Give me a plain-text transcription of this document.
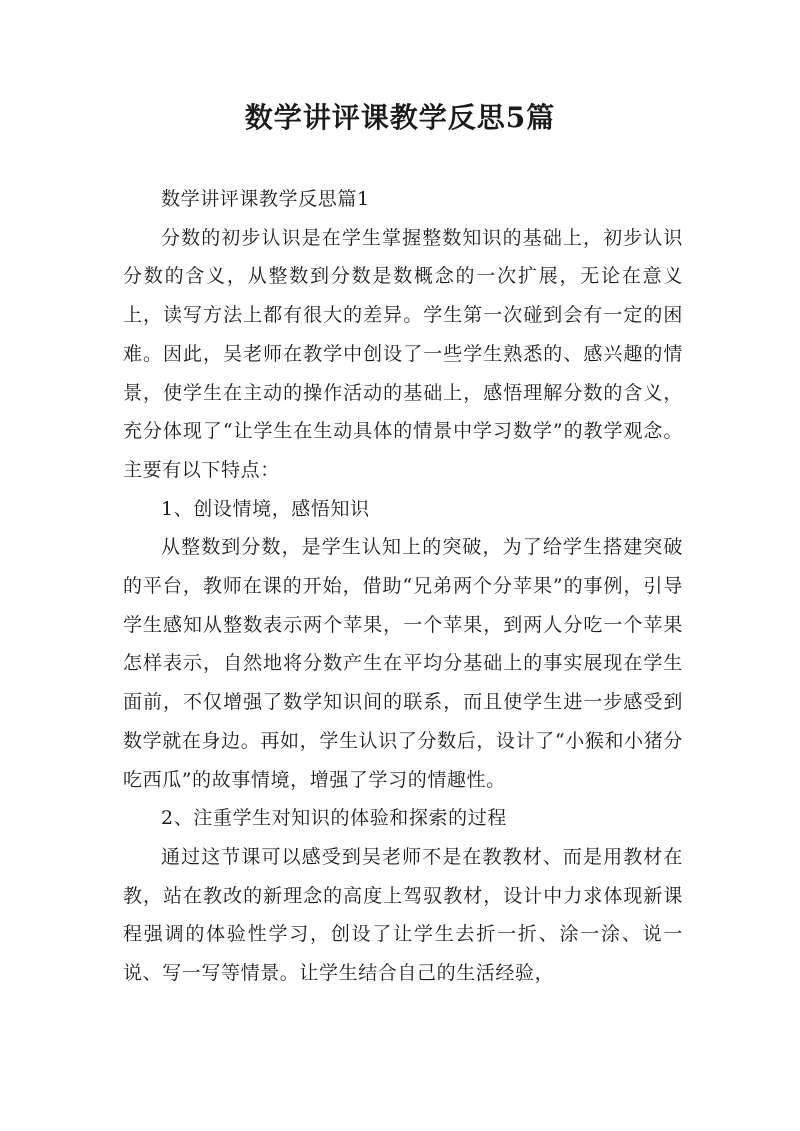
数学讲评课教学反思5篇

数学讲评课教学反思篇1

分数的初步认识是在学生掌握整数知识的基础上，初步认识分数的含义，从整数到分数是数概念的一次扩展，无论在意义上，读写方法上都有很大的差异。学生第一次碰到会有一定的困难。因此，吴老师在教学中创设了一些学生熟悉的、感兴趣的情景，使学生在主动的操作活动的基础上，感悟理解分数的含义，充分体现了“让学生在生动具体的情景中学习数学”的教学观念。主要有以下特点：

1、创设情境，感悟知识

从整数到分数，是学生认知上的突破，为了给学生搭建突破的平台，教师在课的开始，借助“兄弟两个分苹果”的事例，引导学生感知从整数表示两个苹果，一个苹果，到两人分吃一个苹果怎样表示，自然地将分数产生在平均分基础上的事实展现在学生面前，不仅增强了数学知识间的联系，而且使学生进一步感受到数学就在身边。再如，学生认识了分数后，设计了“小猴和小猪分吃西瓜”的故事情境，增强了学习的情趣性。

2、注重学生对知识的体验和探索的过程

通过这节课可以感受到吴老师不是在教教材、而是用教材在教，站在教改的新理念的高度上驾驭教材，设计中力求体现新课程强调的体验性学习，创设了让学生去折一折、涂一涂、说一说、写一写等情景。让学生结合自己的生活经验，
